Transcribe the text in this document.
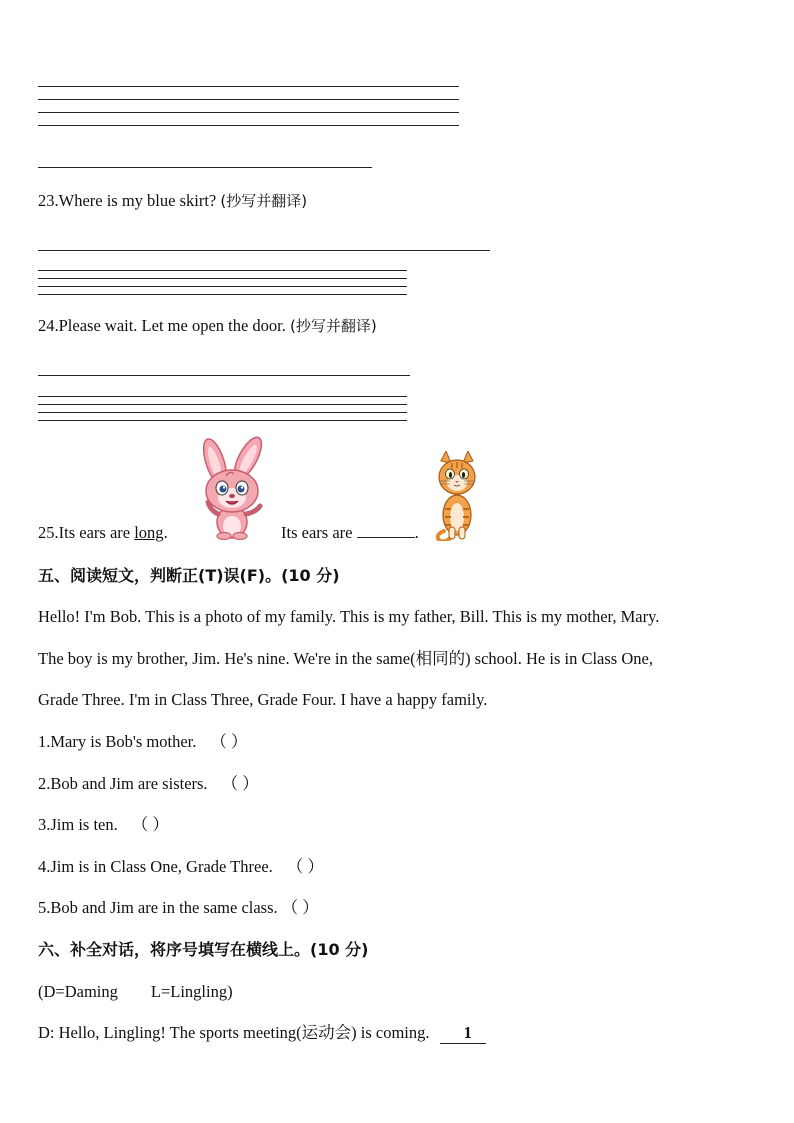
23.Where is my blue skirt? (抄写并翻译)
24.Please wait. Let me open the door. (抄写并翻译)
25.Its ears are long.	Its ears are	.
五、阅读短文，判断正(T)误(F)。(10 分)
Hello! I'm Bob. This is a photo of my family. This is my father, Bill. This is my mother, Mary.
The boy is my brother, Jim. He's nine. We're in the same(相同的) school. He is in Class One,
Grade Three. I'm in Class Three, Grade Four. I have a happy family.
1.Mary is Bob's mother. （ ）
2.Bob and Jim are sisters. （ ）
3.Jim is ten. （ ）
4.Jim is in Class One, Grade Three. （ ）
5.Bob and Jim are in the same class. （ ）
六、补全对话，将序号填写在横线上。(10 分)
(D=Daming        L=Lingling)
D: Hello, Lingling! The sports meeting(运动会) is coming. 1
